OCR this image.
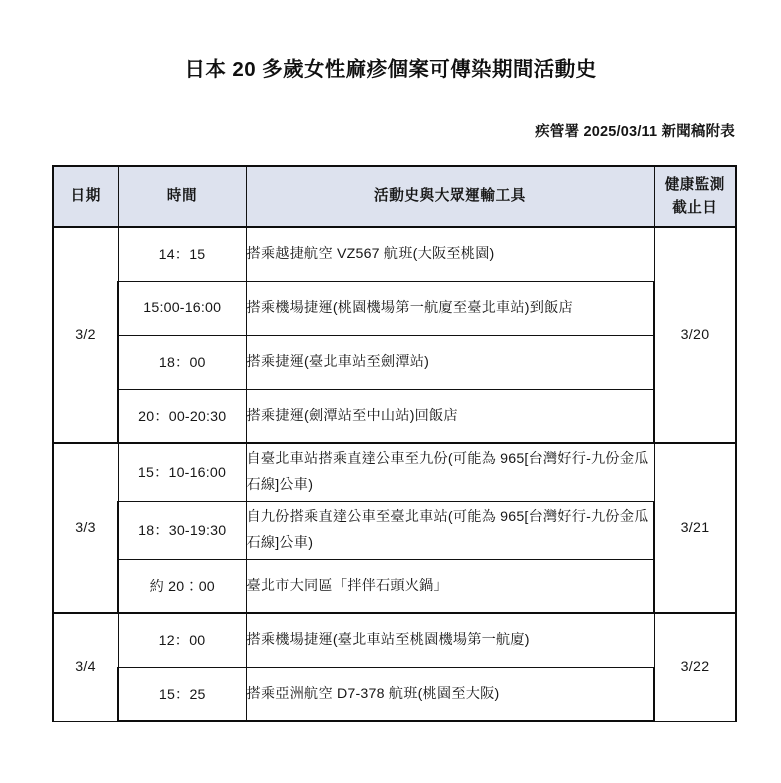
日本 20 多歲女性麻疹個案可傳染期間活動史
疾管署 2025/03/11 新聞稿附表
日期	時間	活動史與大眾運輸工具	健康監測
截止日

3/2	14：15	搭乘越捷航空 VZ567 航班(大阪至桃園)	3/20
	15:00-16:00	搭乘機場捷運(桃園機場第一航廈至臺北車站)到飯店	
	18：00	搭乘捷運(臺北車站至劍潭站)	
	20：00-20:30	搭乘捷運(劍潭站至中山站)回飯店	
3/3	15：10-16:00	自臺北車站搭乘直達公車至九份(可能為 965[台灣好行-九份金瓜石線]公車)	3/21
	18：30-19:30	自九份搭乘直達公車至臺北車站(可能為 965[台灣好行-九份金瓜石線]公車)	
	約 20：00	臺北市大同區「拌伴石頭火鍋」	
3/4	12：00	搭乘機場捷運(臺北車站至桃園機場第一航廈)	3/22
	15：25	搭乘亞洲航空 D7-378 航班(桃園至大阪)	
